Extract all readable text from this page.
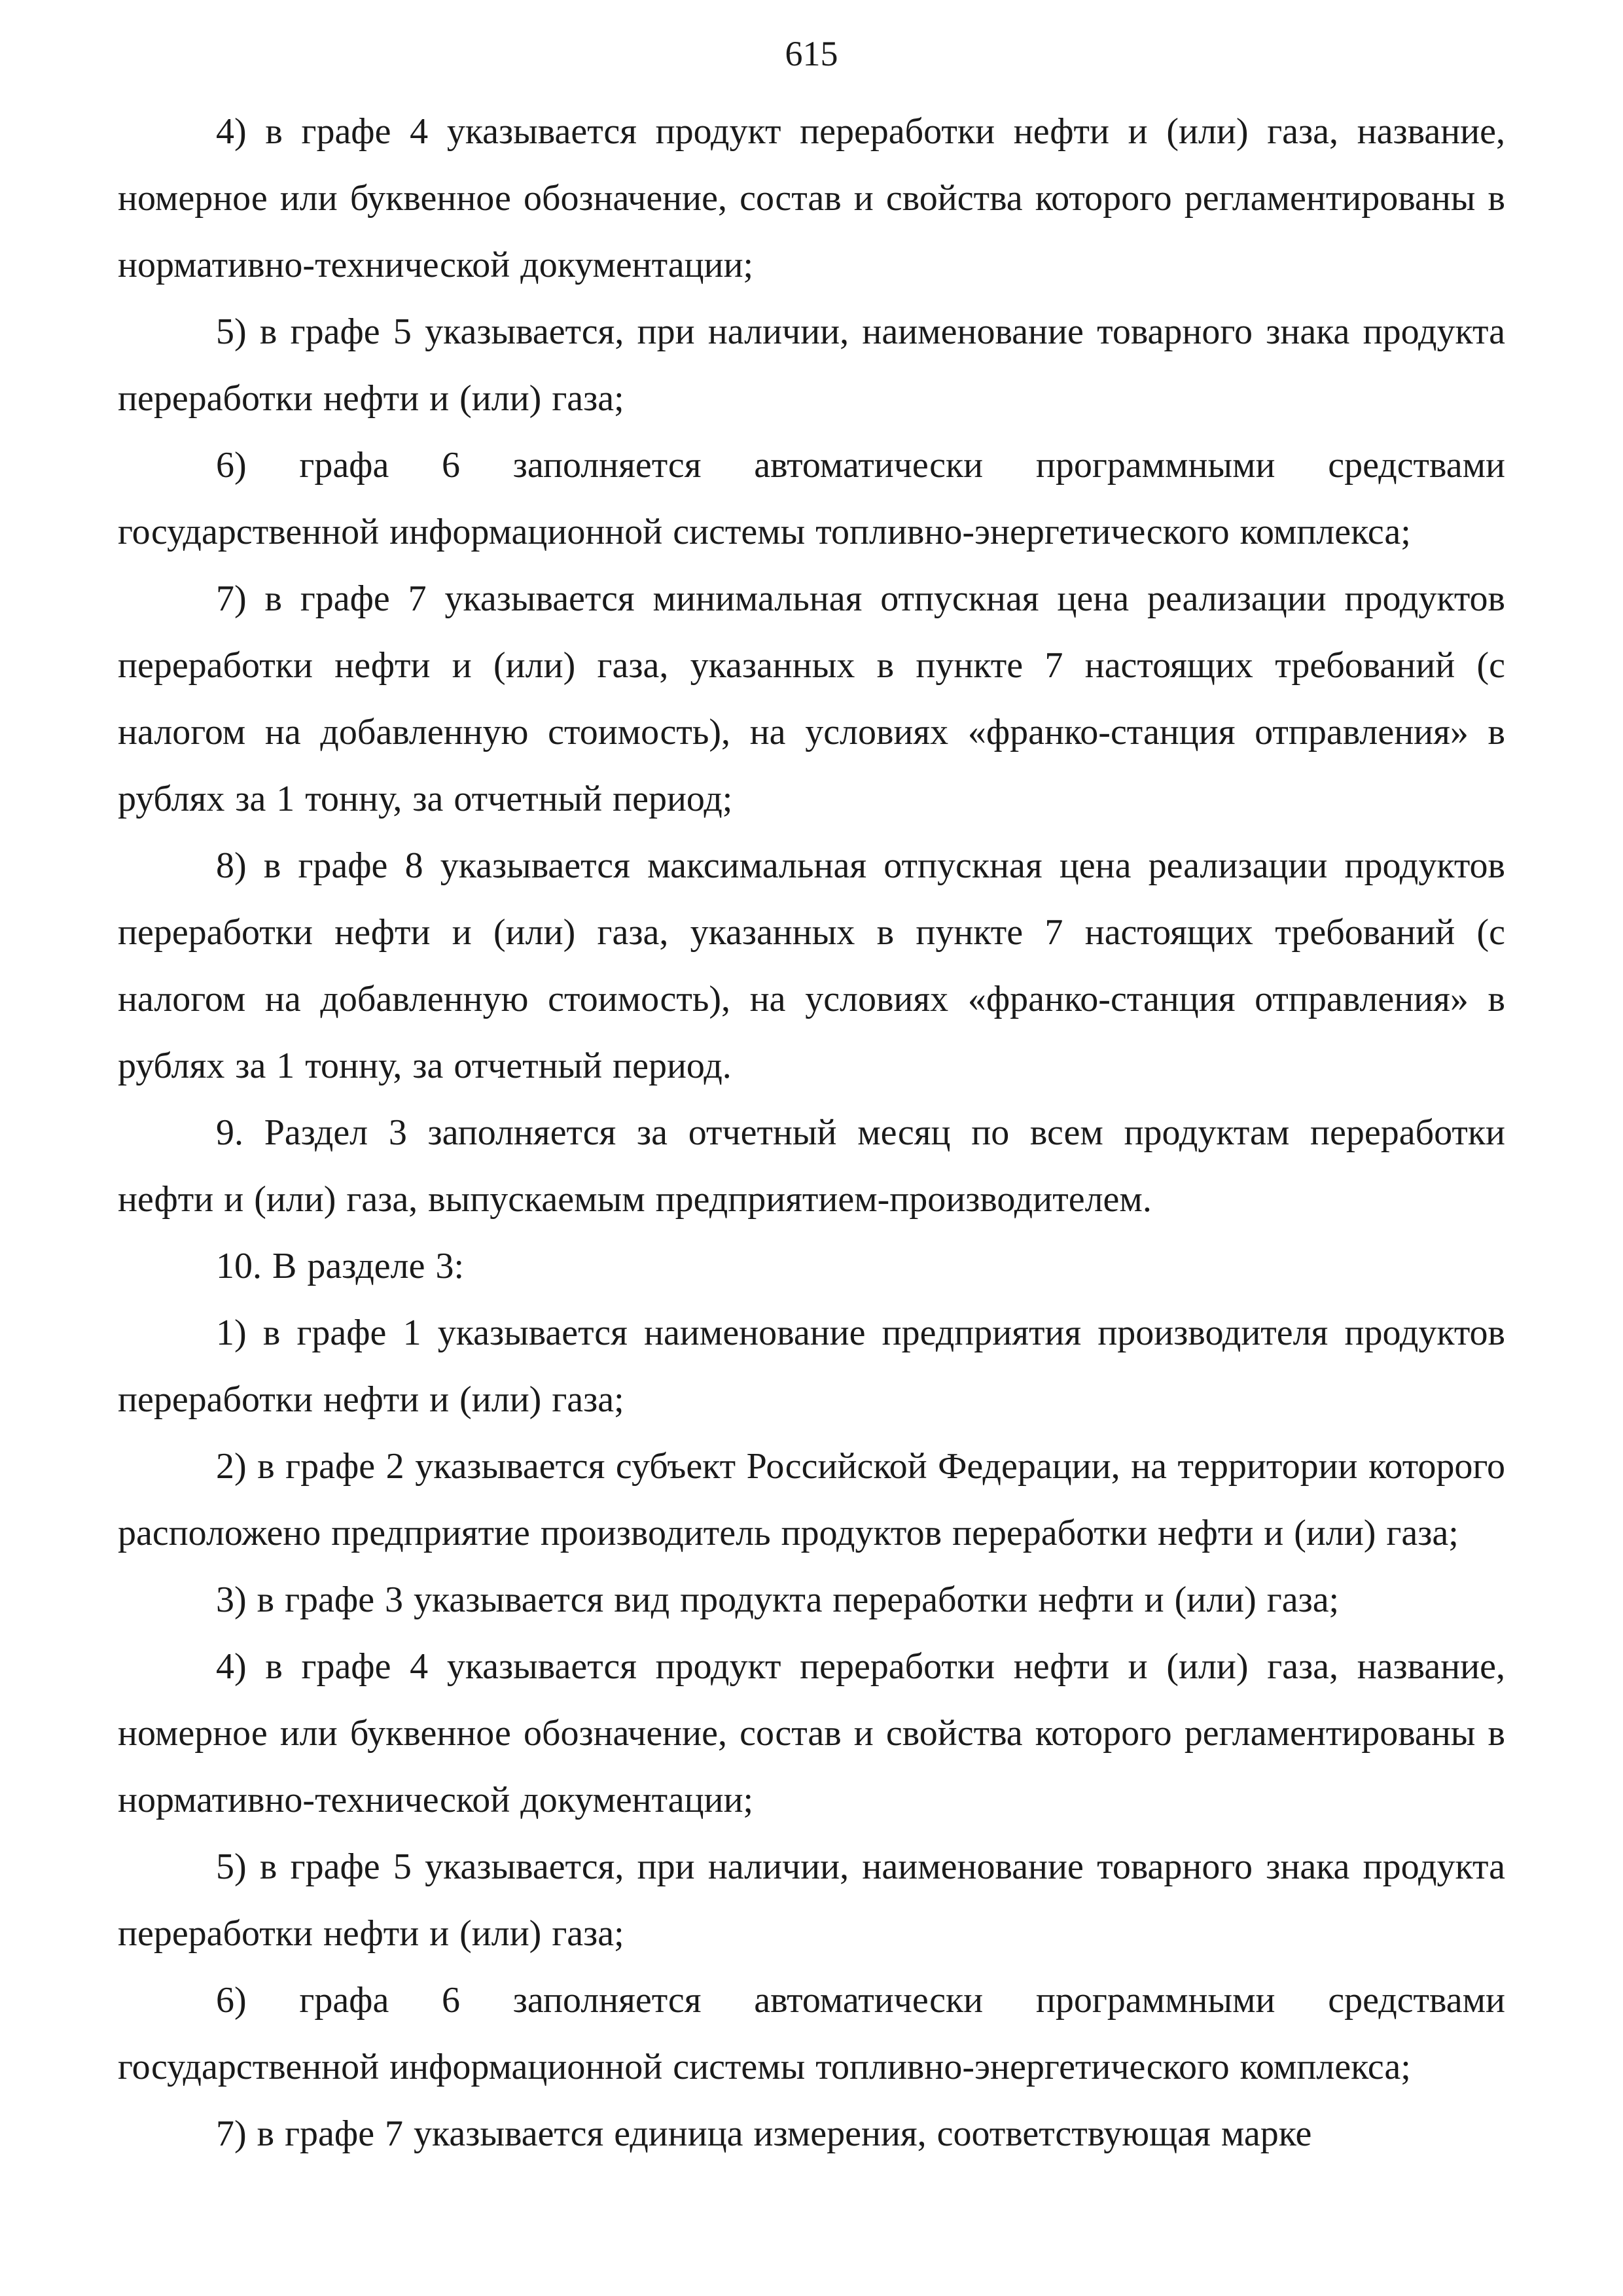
615

4) в графе 4 указывается продукт переработки нефти и (или) газа, название, номерное или буквенное обозначение, состав и свойства которого регламентированы в нормативно-технической документации;

5) в графе 5 указывается, при наличии, наименование товарного знака продукта переработки нефти и (или) газа;

6) графа 6 заполняется автоматически программными средствами государственной информационной системы топливно-энергетического комплекса;

7) в графе 7 указывается минимальная отпускная цена реализации продуктов переработки нефти и (или) газа, указанных в пункте 7 настоящих требований (с налогом на добавленную стоимость), на условиях «франко-станция отправления» в рублях за 1 тонну, за отчетный период;

8) в графе 8 указывается максимальная отпускная цена реализации продуктов переработки нефти и (или) газа, указанных в пункте 7 настоящих требований (с налогом на добавленную стоимость), на условиях «франко-станция отправления» в рублях за 1 тонну, за отчетный период.

9. Раздел 3 заполняется за отчетный месяц по всем продуктам переработки нефти и (или) газа, выпускаемым предприятием-производителем.

10. В разделе 3:

1) в графе 1 указывается наименование предприятия производителя продуктов переработки нефти и (или) газа;

2) в графе 2 указывается субъект Российской Федерации, на территории которого расположено предприятие производитель продуктов переработки нефти и (или) газа;

3) в графе 3 указывается вид продукта переработки нефти и (или) газа;

4) в графе 4 указывается продукт переработки нефти и (или) газа, название, номерное или буквенное обозначение, состав и свойства которого регламентированы в нормативно-технической документации;

5) в графе 5 указывается, при наличии, наименование товарного знака продукта переработки нефти и (или) газа;

6) графа 6 заполняется автоматически программными средствами государственной информационной системы топливно-энергетического комплекса;

7) в графе 7 указывается единица измерения, соответствующая марке
